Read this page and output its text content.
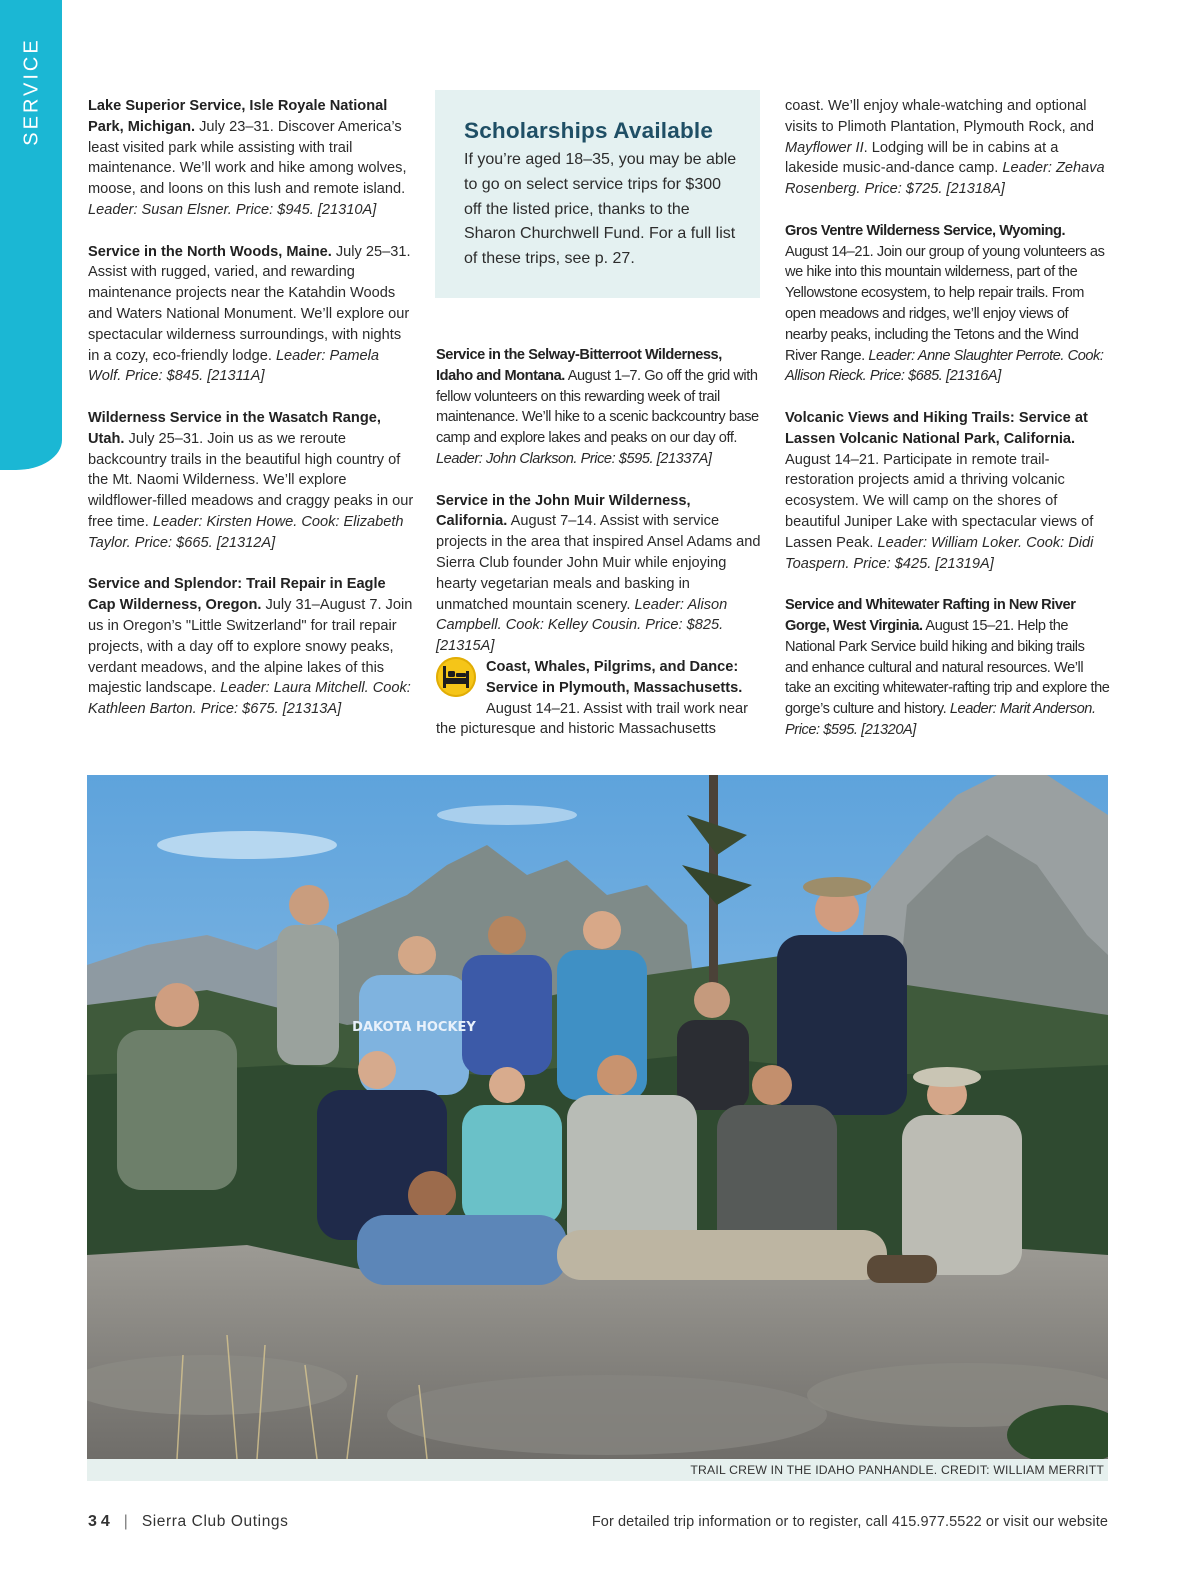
SERVICE	Lake Superior Service, Isle Royale National Park, Michigan. July 23–31. Discover America’s least visited park while assisting with trail maintenance. We’ll work and hike among wolves, moose, and loons on this lush and remote island. Leader: Susan Elsner. Price: $945. [21310A]

Service in the North Woods, Maine. July 25–31. Assist with rugged, varied, and rewarding maintenance projects near the Katahdin Woods and Waters National Monument. We’ll explore our spectacular wilderness surroundings, with nights in a cozy, eco-friendly lodge. Leader: Pamela Wolf. Price: $845. [21311A]

Wilderness Service in the Wasatch Range, Utah. July 25–31. Join us as we reroute backcountry trails in the beautiful high country of the Mt. Naomi Wilderness. We’ll explore wildflower-filled meadows and craggy peaks in our free time. Leader: Kirsten Howe. Cook: Elizabeth Taylor. Price: $665. [21312A]

Service and Splendor: Trail Repair in Eagle Cap Wilderness, Oregon. July 31–August 7. Join us in Oregon’s "Little Switzerland" for trail repair projects, with a day off to explore snowy peaks, verdant meadows, and the alpine lakes of this majestic landscape. Leader: Laura Mitchell. Cook: Kathleen Barton. Price: $675. [21313A]

Scholarships Available
If you’re aged 18–35, you may be able to go on select service trips for $300 off the listed price, thanks to the Sharon Churchwell Fund. For a full list of these trips, see p. 27.

Service in the Selway-Bitterroot Wilderness, Idaho and Montana. August 1–7. Go off the grid with fellow volunteers on this rewarding week of trail maintenance. We’ll hike to a scenic backcountry base camp and explore lakes and peaks on our day off. Leader: John Clarkson. Price: $595. [21337A]

Service in the John Muir Wilderness, California. August 7–14. Assist with service projects in the area that inspired Ansel Adams and Sierra Club founder John Muir while enjoying hearty vegetarian meals and basking in unmatched mountain scenery. Leader: Alison Campbell. Cook: Kelley Cousin. Price: $825. [21315A]

Coast, Whales, Pilgrims, and Dance: Service in Plymouth, Massachusetts. August 14–21. Assist with trail work near the picturesque and historic Massachusetts

coast. We’ll enjoy whale-watching and optional visits to Plimoth Plantation, Plymouth Rock, and Mayflower II. Lodging will be in cabins at a lakeside music-and-dance camp. Leader: Zehava Rosenberg. Price: $725. [21318A]

Gros Ventre Wilderness Service, Wyoming. August 14–21. Join our group of young volunteers as we hike into this mountain wilderness, part of the Yellowstone ecosystem, to help repair trails. From open meadows and ridges, we’ll enjoy views of nearby peaks, including the Tetons and the Wind River Range. Leader: Anne Slaughter Perrote. Cook: Allison Rieck. Price: $685. [21316A]

Volcanic Views and Hiking Trails: Service at Lassen Volcanic National Park, California. August 14–21. Participate in remote trail-restoration projects amid a thriving volcanic ecosystem. We will camp on the shores of beautiful Juniper Lake with spectacular views of Lassen Peak. Leader: William Loker. Cook: Didi Toaspern. Price: $425. [21319A]

Service and Whitewater Rafting in New River Gorge, West Virginia. August 15–21. Help the National Park Service build hiking and biking trails and enhance cultural and natural resources. We’ll take an exciting whitewater-rafting trip and explore the gorge’s culture and history. Leader: Marit Anderson. Price: $595. [21320A]

DAKOTA HOCKEY
TRAIL CREW IN THE IDAHO PANHANDLE. CREDIT: WILLIAM MERRITT
34 | Sierra Club Outings	For detailed trip information or to register, call 415.977.5522 or visit our website
